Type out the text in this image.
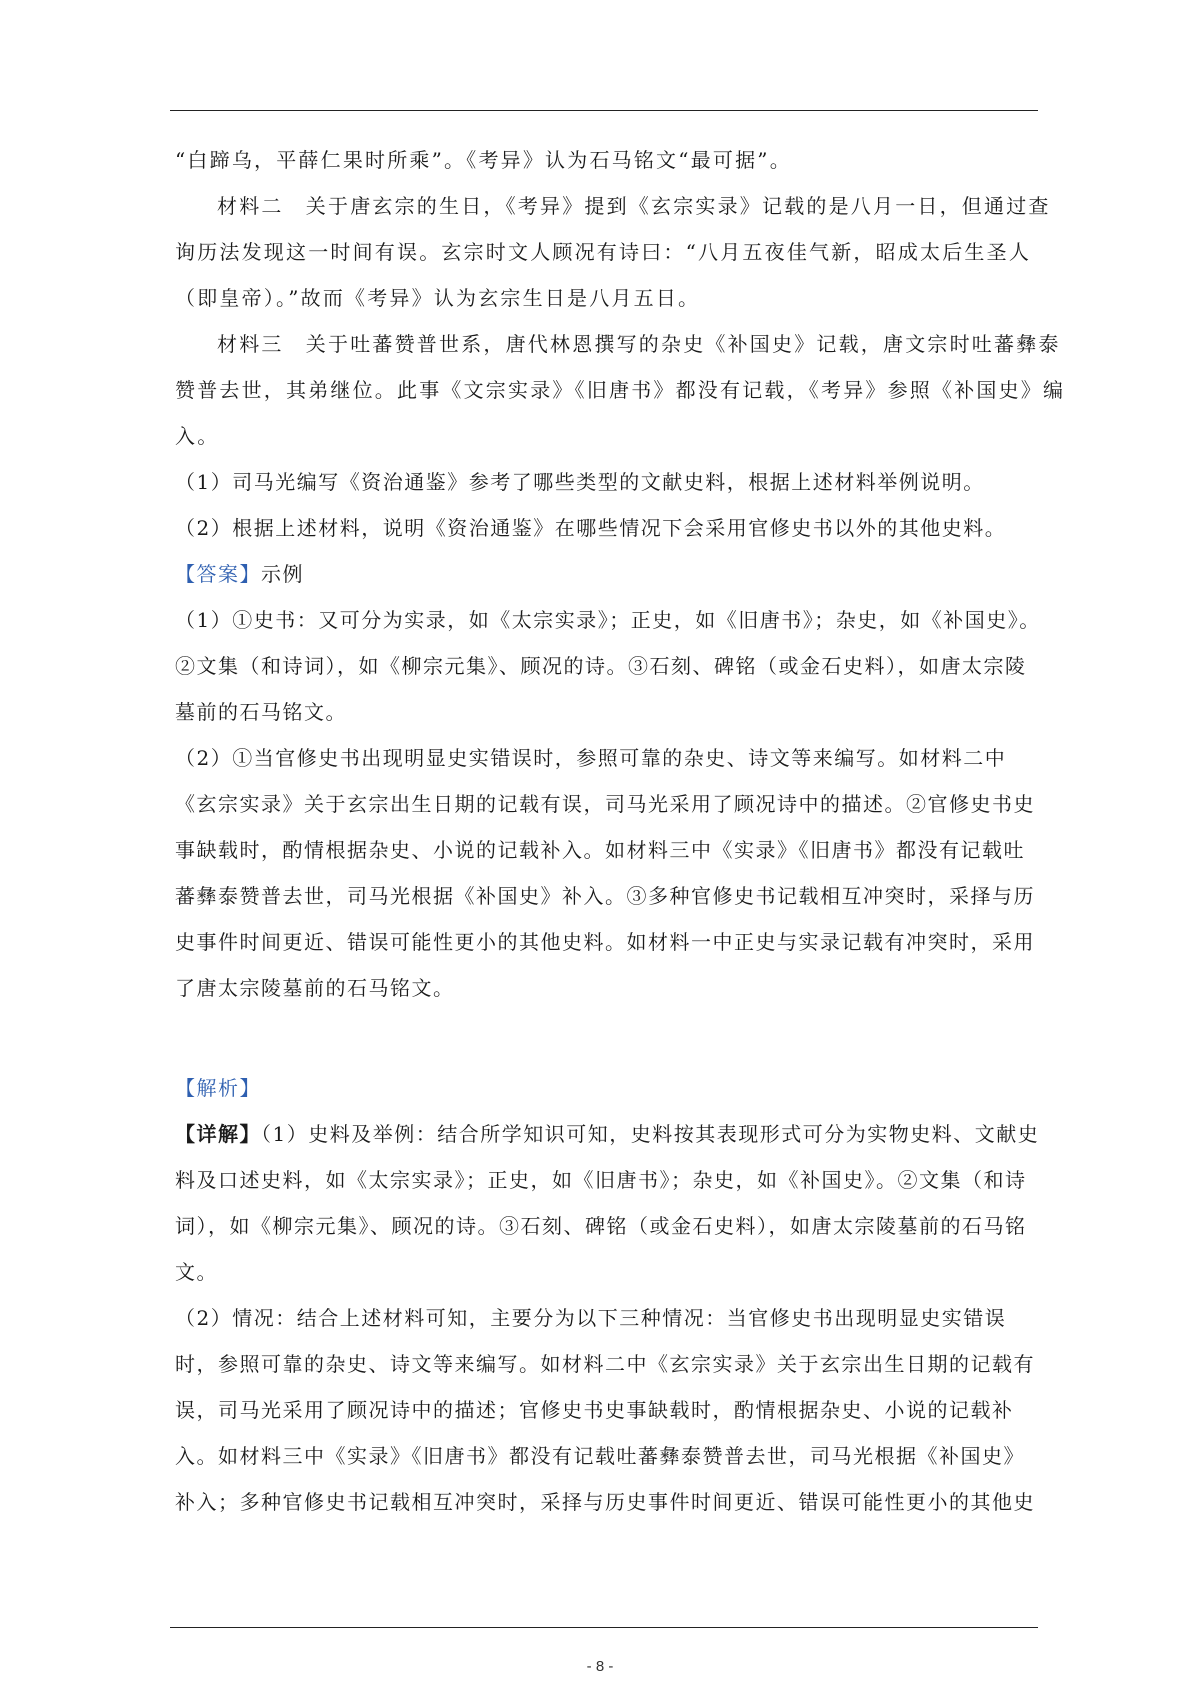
“白蹄乌，平薛仁果时所乘”。《考异》认为石马铭文“最可据”。
材料二　关于唐玄宗的生日，《考异》提到《玄宗实录》记载的是八月一日，但通过查
询历法发现这一时间有误。玄宗时文人顾况有诗曰：“八月五夜佳气新，昭成太后生圣人
（即皇帝）。”故而《考异》认为玄宗生日是八月五日。
材料三　关于吐蕃赞普世系，唐代林恩撰写的杂史《补国史》记载，唐文宗时吐蕃彝泰
赞普去世，其弟继位。此事《文宗实录》《旧唐书》都没有记载，《考异》参照《补国史》编
入。
（1）司马光编写《资治通鉴》参考了哪些类型的文献史料，根据上述材料举例说明。
（2）根据上述材料，说明《资治通鉴》在哪些情况下会采用官修史书以外的其他史料。
【答案】示例
（1）①史书：又可分为实录，如《太宗实录》；正史，如《旧唐书》；杂史，如《补国史》。
②文集（和诗词），如《柳宗元集》、顾况的诗。③石刻、碑铭（或金石史料），如唐太宗陵
墓前的石马铭文。
（2）①当官修史书出现明显史实错误时，参照可靠的杂史、诗文等来编写。如材料二中
《玄宗实录》关于玄宗出生日期的记载有误，司马光采用了顾况诗中的描述。②官修史书史
事缺载时，酌情根据杂史、小说的记载补入。如材料三中《实录》《旧唐书》都没有记载吐
蕃彝泰赞普去世，司马光根据《补国史》补入。③多种官修史书记载相互冲突时，采择与历
史事件时间更近、错误可能性更小的其他史料。如材料一中正史与实录记载有冲突时，采用
了唐太宗陵墓前的石马铭文。
【解析】
【详解】（1）史料及举例：结合所学知识可知，史料按其表现形式可分为实物史料、文献史
料及口述史料，如《太宗实录》；正史，如《旧唐书》；杂史，如《补国史》。②文集（和诗
词），如《柳宗元集》、顾况的诗。③石刻、碑铭（或金石史料），如唐太宗陵墓前的石马铭
文。
（2）情况：结合上述材料可知，主要分为以下三种情况：当官修史书出现明显史实错误
时，参照可靠的杂史、诗文等来编写。如材料二中《玄宗实录》关于玄宗出生日期的记载有
误，司马光采用了顾况诗中的描述；官修史书史事缺载时，酌情根据杂史、小说的记载补
入。如材料三中《实录》《旧唐书》都没有记载吐蕃彝泰赞普去世，司马光根据《补国史》
补入；多种官修史书记载相互冲突时，采择与历史事件时间更近、错误可能性更小的其他史
- 8 -
